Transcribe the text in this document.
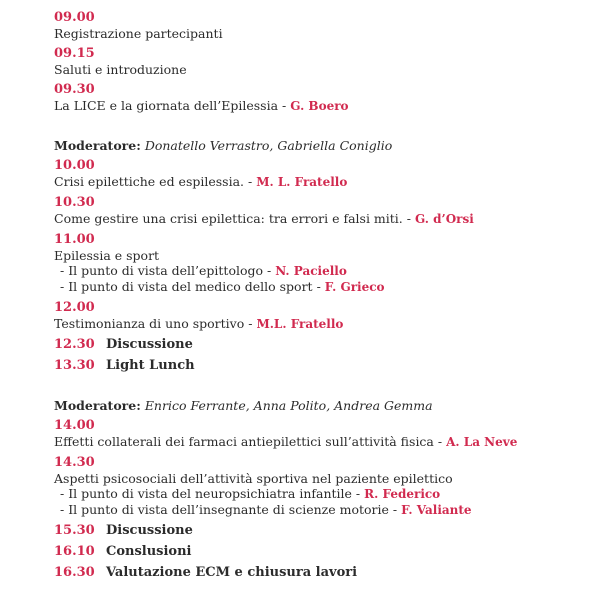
09.00
Registrazione partecipanti
09.15
Saluti e introduzione
09.30
La LICE e la giornata dell’Epilessia - G. Boero
Moderatore: Donatello Verrastro, Gabriella Coniglio
10.00
Crisi epilettiche ed espilessia. - M. L. Fratello
10.30
Come gestire una crisi epilettica: tra errori e falsi miti. - G. d’Orsi
11.00
Epilessia e sport
- Il punto di vista dell’epittologo - N. Paciello
- Il punto di vista del medico dello sport - F. Grieco
12.00
Testimonianza di uno sportivo - M.L. Fratello
12.30 Discussione
13.30 Light Lunch
Moderatore: Enrico Ferrante, Anna Polito, Andrea Gemma
14.00
Effetti collaterali dei farmaci antiepilettici sull’attività fisica - A. La Neve
14.30
Aspetti psicosociali dell’attività sportiva nel paziente epilettico
- Il punto di vista del neuropsichiatra infantile - R. Federico
- Il punto di vista dell’insegnante di scienze motorie - F. Valiante
15.30 Discussione
16.10 Conslusioni
16.30 Valutazione ECM e chiusura lavori
